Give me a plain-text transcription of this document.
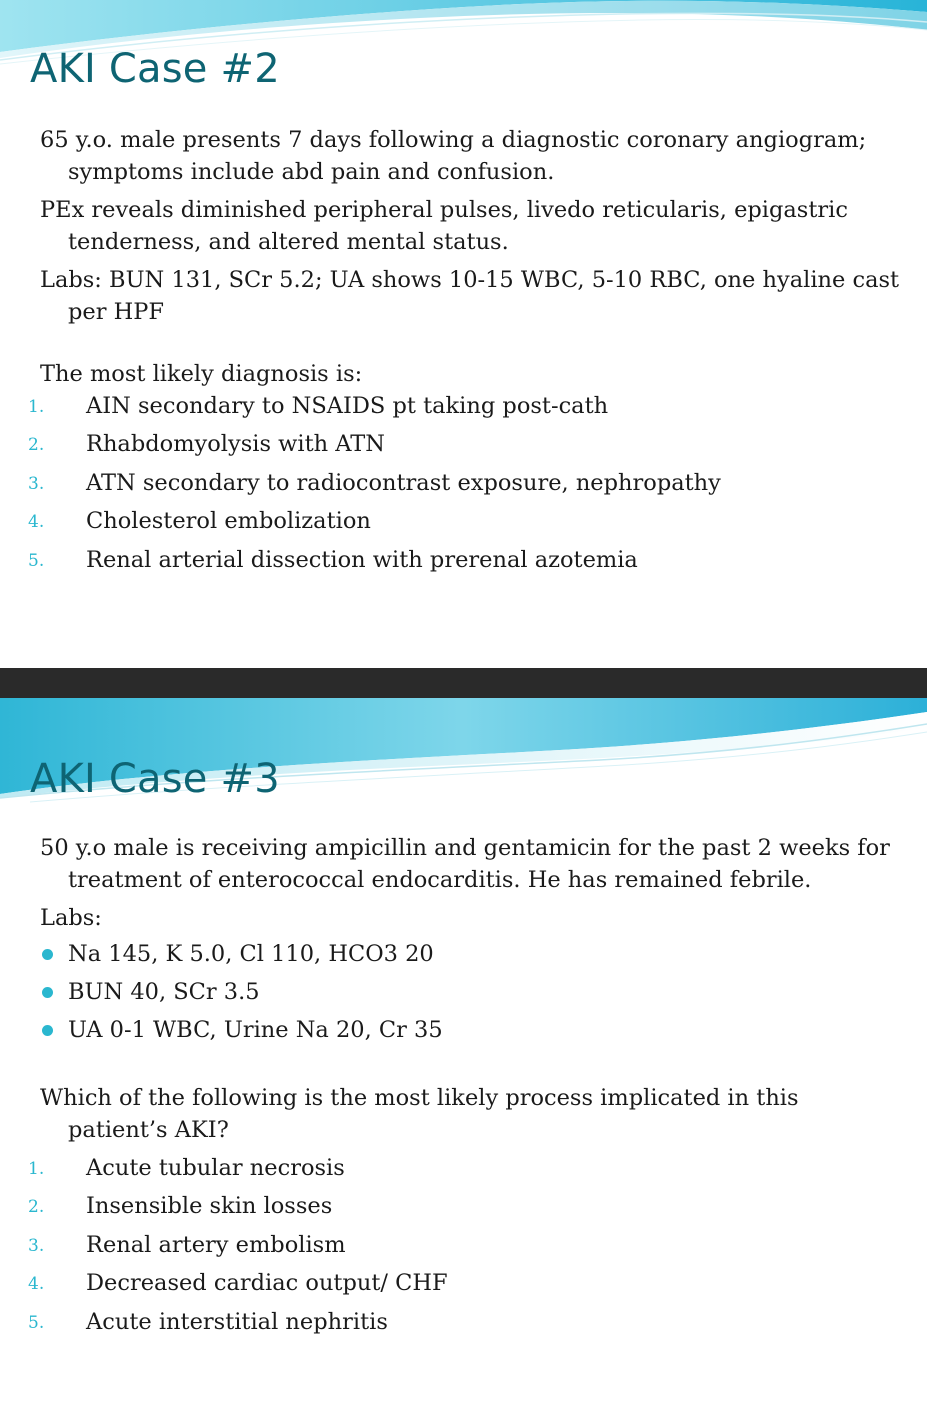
AKI Case #2

65 y.o. male presents 7 days following a diagnostic coronary angiogram; symptoms include abd pain and confusion.

PEx reveals diminished peripheral pulses, livedo reticularis, epigastric tenderness, and altered mental status.

Labs: BUN 131, SCr 5.2; UA shows 10-15 WBC, 5-10 RBC, one hyaline cast per HPF

The most likely diagnosis is:

1. AIN secondary to NSAIDS pt taking post-cath
2. Rhabdomyolysis with ATN
3. ATN secondary to radiocontrast exposure, nephropathy
4. Cholesterol embolization
5. Renal arterial dissection with prerenal azotemia
AKI Case #3

50 y.o male is receiving ampicillin and gentamicin for the past 2 weeks for treatment of enterococcal endocarditis. He has remained febrile.

Labs:

Na 145, K 5.0, Cl 110, HCO3 20
BUN 40, SCr 3.5
UA 0-1 WBC, Urine Na 20, Cr 35

Which of the following is the most likely process implicated in this patient’s AKI?

1. Acute tubular necrosis
2. Insensible skin losses
3. Renal artery embolism
4. Decreased cardiac output/ CHF
5. Acute interstitial nephritis
